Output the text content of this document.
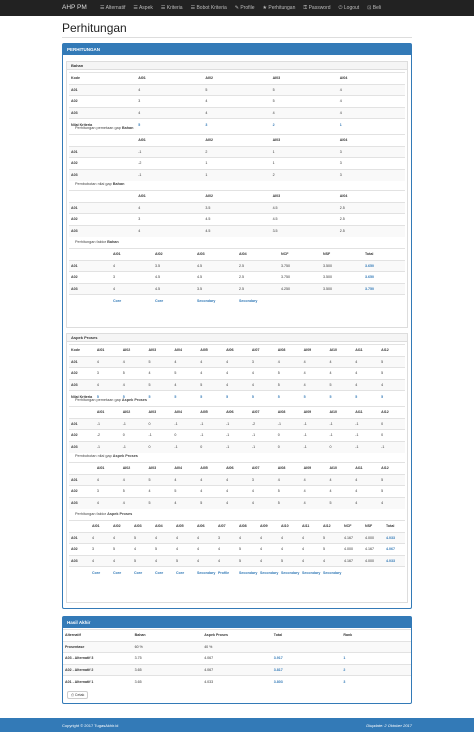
AHP PM	☰ Alternatif ☰ Aspek ☰ Kriteria ☰ Bobot Kriteria ✎ Profile ★ Perhitungan ⚿ Password ⏻ Logout ⊡ Beli
Perhitungan
PERHITUNGAN
Bahan
Kode	AI01	AI02	AI03	AI04
A01	4	5	5	4
A02	3	4	5	4
A03	4	4	4	4
Nilai Kriteria	5	3	2	1
Perhitungan pemetaan gap Bahan
	AI01	AI02	AI03	AI04
A01	-1	2	1	3
A02	-2	1	1	3
A03	-1	1	2	3
Pembobotan nilai gap Bahan
	AI01	AI02	AI03	AI04
A01	4	3.5	4.5	2.5
A02	3	4.5	4.5	2.5
A03	4	4.5	3.5	2.5
Perhitungan faktor Bahan
	AI01	AI02	AI03	AI04	NCF	NSF	Total
A01	4	3.5	4.5	2.5	3.750	3.500	3.650
A02	3	4.5	4.5	2.5	3.750	3.500	3.650
A03	4	4.5	3.5	2.5	4.250	3.500	3.750
	Core	Core	Secondary	Secondary			
Aspek Proses
Kode	AI01	AI02	AI03	AI04	AI05	AI06	AI07	AI08	AI09	AI10	AI11	AI12
A01	4	4	5	4	4	4	3	4	4	4	4	5
A02	3	5	4	5	4	4	4	5	4	4	4	5
A03	4	4	5	4	5	4	4	5	4	5	4	4
Nilai Kriteria	5	5	5	5	5	5	5	5	5	5	5	5
Perhitungan pemetaan gap Aspek Proses
	AI01	AI02	AI03	AI04	AI05	AI06	AI07	AI08	AI09	AI10	AI11	AI12
A01	-1	-1	0	-1	-1	-1	-2	-1	-1	-1	-1	0
A02	-2	0	-1	0	-1	-1	-1	0	-1	-1	-1	0
A03	-1	-1	0	-1	0	-1	-1	0	-1	0	-1	-1
Pembobotan nilai gap Aspek Proses
	AI01	AI02	AI03	AI04	AI05	AI06	AI07	AI08	AI09	AI10	AI11	AI12
A01	4	4	5	4	4	4	3	4	4	4	4	5
A02	3	5	4	5	4	4	4	5	4	4	4	5
A03	4	4	5	4	5	4	4	5	4	5	4	4
Perhitungan faktor Aspek Proses
	AI01	AI02	AI03	AI04	AI05	AI06	AI07	AI08	AI09	AI10	AI11	AI12	NCF	NSF	Total
A01	4	4	5	4	4	4	3	4	4	4	4	5	4.167	4.000	4.033
A02	3	5	4	5	4	4	4	5	4	4	4	5	4.000	4.167	4.067
A03	4	4	5	4	5	4	4	5	4	5	4	4	4.167	4.000	4.033
	Core	Core	Core	Core	Core	Secondary	Profile	Secondary	Secondary	Secondary	Secondary	Secondary			
Hasil Akhir
Alternatif	Bahan	Aspek Proses	Total	Rank
Prosentase	60 %	40 %		
A03 - Alternatif 3	3.75	4.067	3.917	1
A02 - Alternatif 2	3.65	4.067	3.817	2
A01 - Alternatif 1	3.65	4.033	3.803	3
⎙ Cetak
Copyright © 2017 TugasAkhir.id	Diupdate: 2 Oktober 2017
